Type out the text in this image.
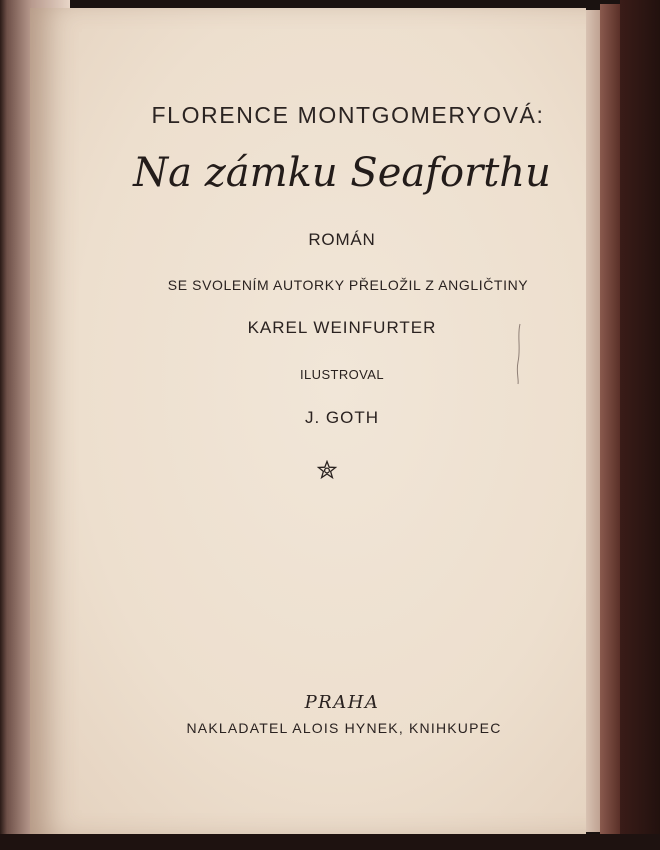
FLORENCE MONTGOMERYOVÁ:
Na zámku Seaforthu
ROMÁN
SE SVOLENÍM AUTORKY PŘELOŽIL Z ANGLIČTINY
KAREL WEINFURTER
ILUSTROVAL
J. GOTH
PRAHA
NAKLADATEL ALOIS HYNEK, KNIHKUPEC
